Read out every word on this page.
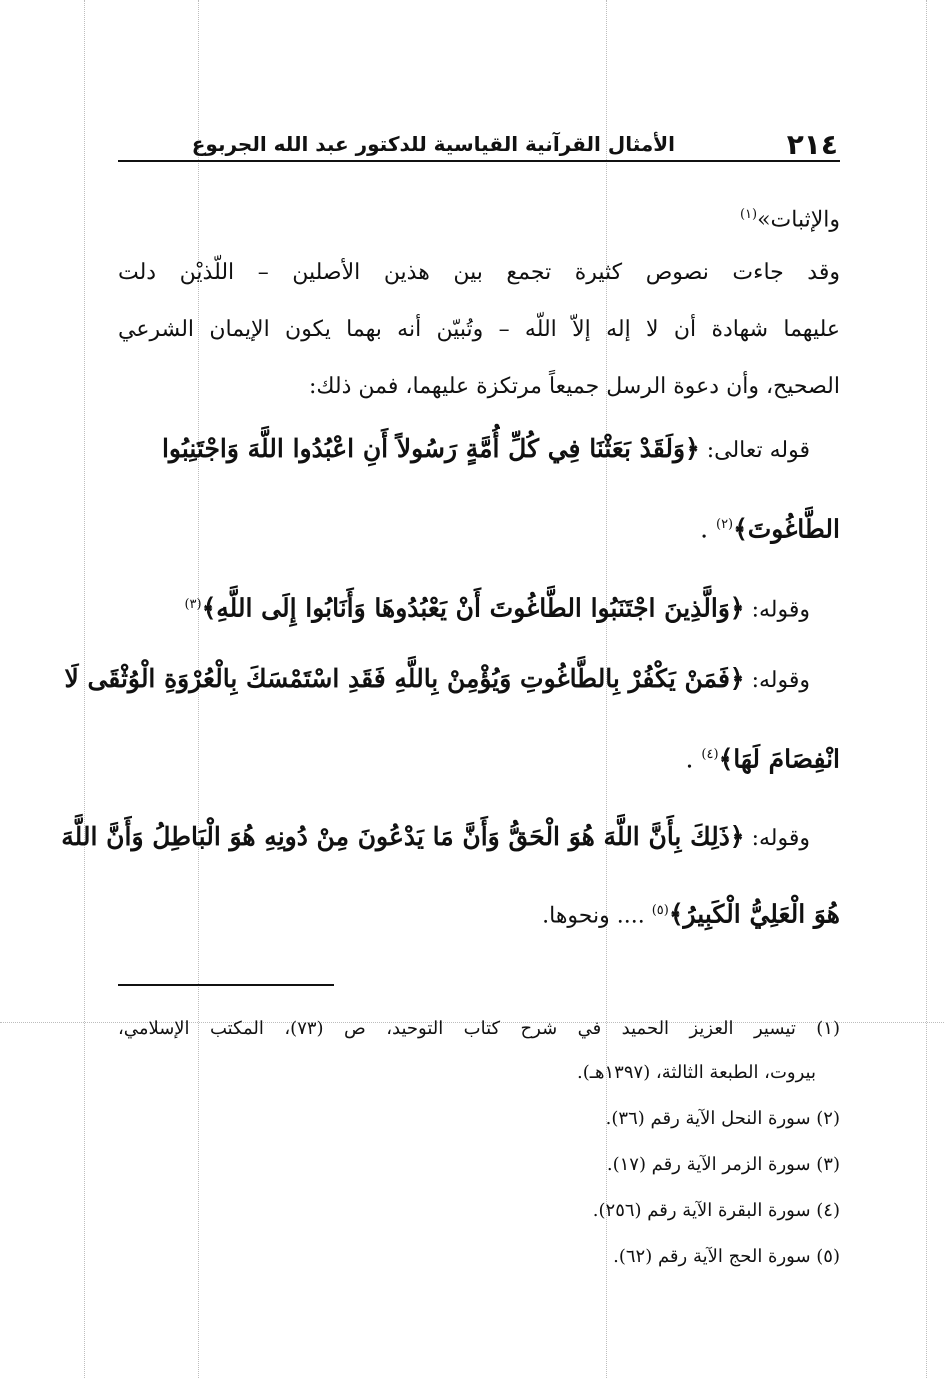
٢١٤
الأمثال القرآنية القياسية للدكتور عبد الله الجربوع
والإثبات»$^{(١)}$
وقد جاءت نصوص كثيرة تجمع بين هذين الأصلين – اللّذيْن دلت
عليهما شهادة أن لا إله إلاّ اللّه – وتُبيّن أنه بهما يكون الإيمان الشرعي
الصحيح، وأن دعوة الرسل جميعاً مرتكزة عليهما، فمن ذلك:
قوله تعالى: ﴿وَلَقَدْ بَعَثْنَا فِي كُلِّ أُمَّةٍ رَسُولاً أَنِ اعْبُدُوا اللَّهَ وَاجْتَنِبُوا
الطَّاغُوتَ﴾$^{(٢)}$ .
وقوله: ﴿وَالَّذِينَ اجْتَنَبُوا الطَّاغُوتَ أَنْ يَعْبُدُوهَا وَأَنَابُوا إِلَى اللَّهِ﴾$^{(٣)}$
وقوله: ﴿فَمَنْ يَكْفُرْ بِالطَّاغُوتِ وَيُؤْمِنْ بِاللَّهِ فَقَدِ اسْتَمْسَكَ بِالْعُرْوَةِ الْوُثْقَى لَا
انْفِصَامَ لَهَا﴾$^{(٤)}$ .
وقوله: ﴿ذَلِكَ بِأَنَّ اللَّهَ هُوَ الْحَقُّ وَأَنَّ مَا يَدْعُونَ مِنْ دُونِهِ هُوَ الْبَاطِلُ وَأَنَّ اللَّهَ
هُوَ الْعَلِيُّ الْكَبِيرُ﴾$^{(٥)}$ .... ونحوها.
(١) تيسير العزيز الحميد في شرح كتاب التوحيد، ص (٧٣)، المكتب الإسلامي،
بيروت، الطبعة الثالثة، (١٣٩٧هـ).
(٢) سورة النحل الآية رقم (٣٦).
(٣) سورة الزمر الآية رقم (١٧).
(٤) سورة البقرة الآية رقم (٢٥٦).
(٥) سورة الحج الآية رقم (٦٢).
